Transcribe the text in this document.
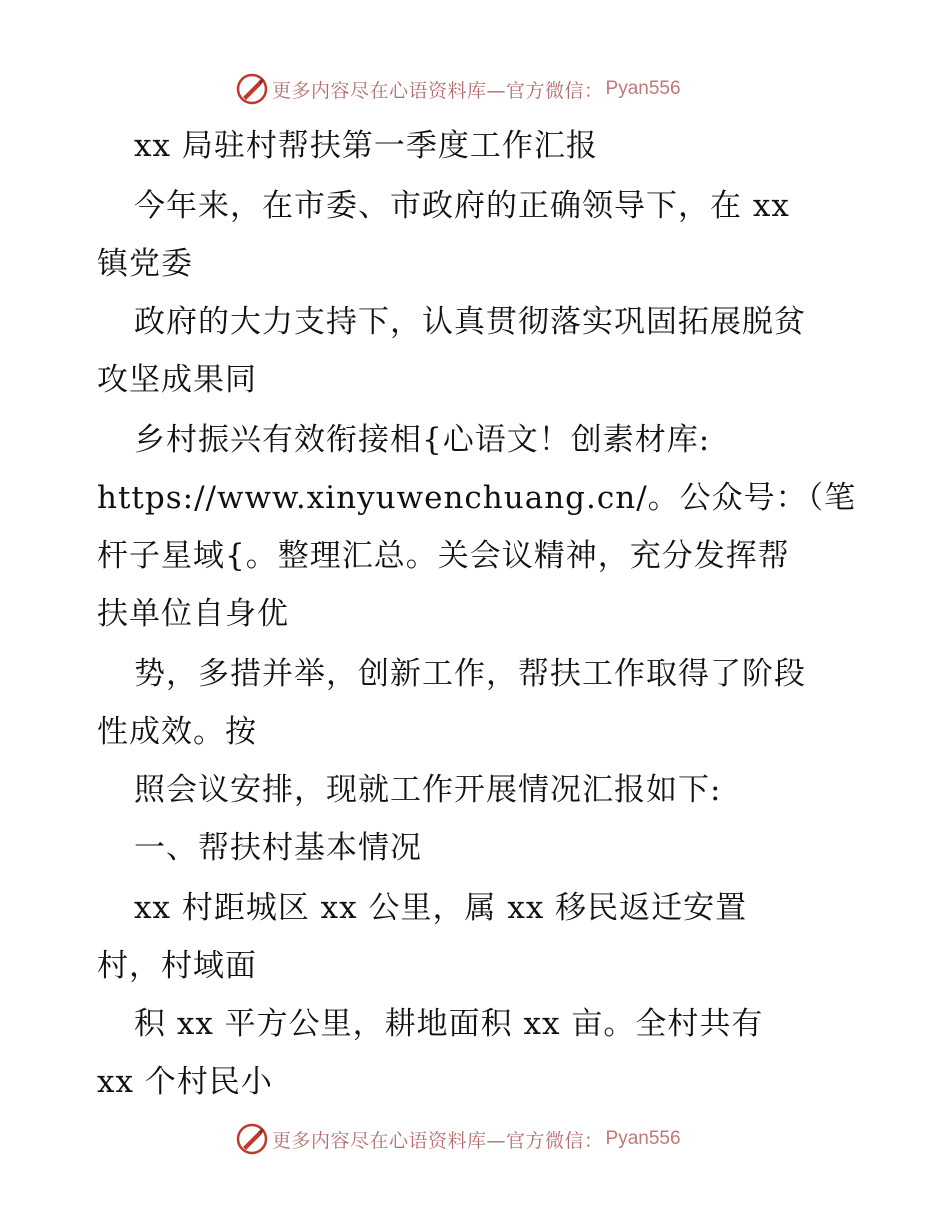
更多内容尽在心语资料库—官方微信： Pyan556
xx 局驻村帮扶第一季度工作汇报
今年来，在市委、市政府的正确领导下，在 xx
镇党委
政府的大力支持下，认真贯彻落实巩固拓展脱贫
攻坚成果同
乡村振兴有效衔接相{心语文！创素材库:
https://www.xinyuwenchuang.cn/。公众号：（笔
杆子星域{。整理汇总。关会议精神，充分发挥帮
扶单位自身优
势，多措并举，创新工作，帮扶工作取得了阶段
性成效。按
照会议安排，现就工作开展情况汇报如下:
一、帮扶村基本情况
xx 村距城区 xx 公里，属 xx 移民返迁安置
村，村域面
积 xx 平方公里，耕地面积 xx 亩。全村共有
xx 个村民小
更多内容尽在心语资料库—官方微信： Pyan556
